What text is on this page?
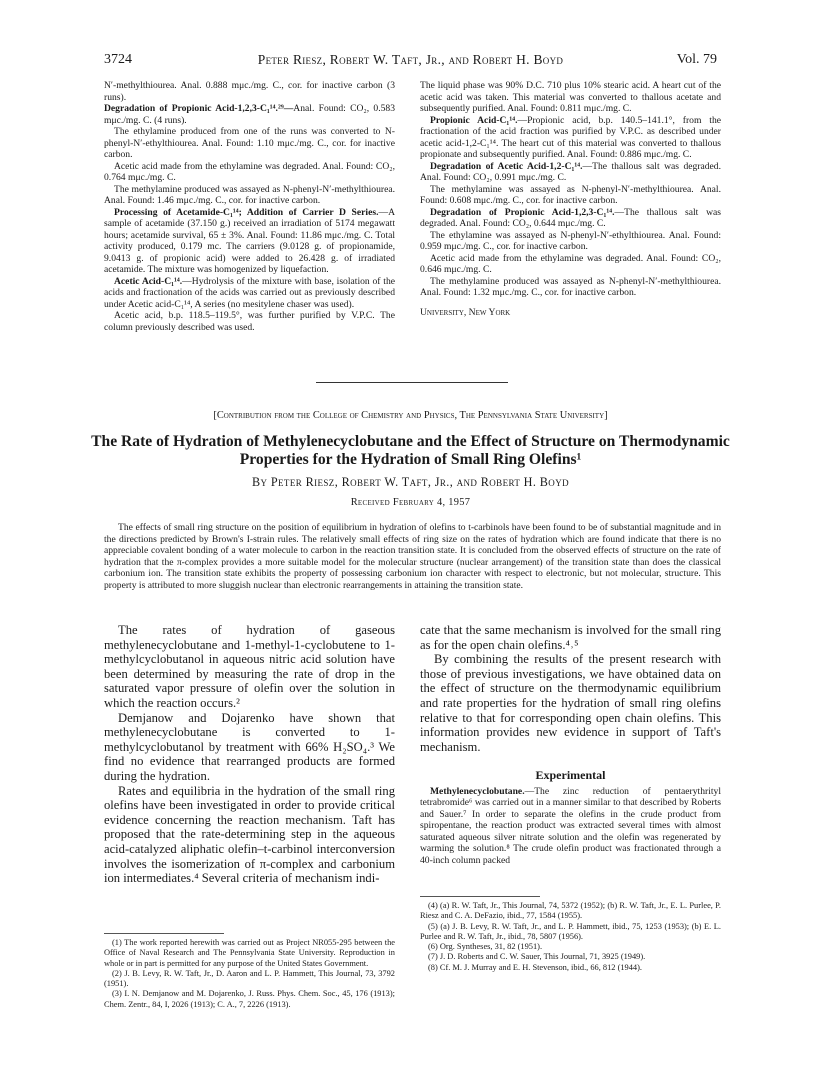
3724	Peter Riesz, Robert W. Taft, Jr., and Robert H. Boyd	Vol. 79

N′-methylthiourea. Anal. 0.888 mμc./mg. C., cor. for inactive carbon (3 runs).

Degradation of Propionic Acid-1,2,3-C₁¹⁴.²⁹—Anal. Found: CO₂, 0.583 mμc./mg. C. (4 runs).

The ethylamine produced from one of the runs was converted to N-phenyl-N′-ethylthiourea. Anal. Found: 1.10 mμc./mg. C., cor. for inactive carbon.

Acetic acid made from the ethylamine was degraded. Anal. Found: CO₂, 0.764 mμc./mg. C.

The methylamine produced was assayed as N-phenyl-N′-methylthiourea. Anal. Found: 1.46 mμc./mg. C., cor. for inactive carbon.

Processing of Acetamide-C₁¹⁴; Addition of Carrier D Series.—A sample of acetamide (37.150 g.) received an irradiation of 5174 megawatt hours; acetamide survival, 65 ± 3%. Anal. Found: 11.86 mμc./mg. C. Total activity produced, 0.179 mc. The carriers (9.0128 g. of propionamide, 9.0413 g. of propionic acid) were added to 26.428 g. of irradiated acetamide. The mixture was homogenized by liquefaction.

Acetic Acid-C₁¹⁴.—Hydrolysis of the mixture with base, isolation of the acids and fractionation of the acids was carried out as previously described under Acetic acid-C₁¹⁴, A series (no mesitylene chaser was used).

Acetic acid, b.p. 118.5–119.5°, was further purified by V.P.C. The column previously described was used.

The liquid phase was 90% D.C. 710 plus 10% stearic acid. A heart cut of the acetic acid was taken. This material was converted to thallous acetate and subsequently purified. Anal. Found: 0.811 mμc./mg. C.

Propionic Acid-C₁¹⁴.—Propionic acid, b.p. 140.5–141.1°, from the fractionation of the acid fraction was purified by V.P.C. as described under acetic acid-1,2-C₁¹⁴. The heart cut of this material was converted to thallous propionate and subsequently purified. Anal. Found: 0.886 mμc./mg. C.

Degradation of Acetic Acid-1,2-C₁¹⁴.—The thallous salt was degraded. Anal. Found: CO₂, 0.991 mμc./mg. C.

The methylamine was assayed as N-phenyl-N′-methylthiourea. Anal. Found: 0.608 mμc./mg. C., cor. for inactive carbon.

Degradation of Propionic Acid-1,2,3-C₁¹⁴.—The thallous salt was degraded. Anal. Found: CO₂, 0.644 mμc./mg. C.

The ethylamine was assayed as N-phenyl-N′-ethylthiourea. Anal. Found: 0.959 mμc./mg. C., cor. for inactive carbon.

Acetic acid made from the ethylamine was degraded. Anal. Found: CO₂, 0.646 mμc./mg. C.

The methylamine produced was assayed as N-phenyl-N′-methylthiourea. Anal. Found: 1.32 mμc./mg. C., cor. for inactive carbon.

University, New York

[Contribution from the College of Chemistry and Physics, The Pennsylvania State University]
The Rate of Hydration of Methylenecyclobutane and the Effect of Structure on Thermodynamic Properties for the Hydration of Small Ring Olefins¹
By Peter Riesz, Robert W. Taft, Jr., and Robert H. Boyd
Received February 4, 1957
The effects of small ring structure on the position of equilibrium in hydration of olefins to t-carbinols have been found to be of substantial magnitude and in the directions predicted by Brown's I-strain rules. The relatively small effects of ring size on the rates of hydration which are found indicate that there is no appreciable covalent bonding of a water molecule to carbon in the reaction transition state. It is concluded from the observed effects of structure on the rate of hydration that the π-complex provides a more suitable model for the molecular structure (nuclear arrangement) of the transition state than does the classical carbonium ion. The transition state exhibits the property of possessing carbonium ion character with respect to electronic, but not molecular, structure. This property is attributed to more sluggish nuclear than electronic rearrangements in attaining the transition state.

The rates of hydration of gaseous methylenecyclobutane and 1-methyl-1-cyclobutene to 1-methylcyclobutanol in aqueous nitric acid solution have been determined by measuring the rate of drop in the saturated vapor pressure of olefin over the solution in which the reaction occurs.²

Demjanow and Dojarenko have shown that methylenecyclobutane is converted to 1-methylcyclobutanol by treatment with 66% H₂SO₄.³ We find no evidence that rearranged products are formed during the hydration.

Rates and equilibria in the hydration of the small ring olefins have been investigated in order to provide critical evidence concerning the reaction mechanism. Taft has proposed that the rate-determining step in the aqueous acid-catalyzed aliphatic olefin–t-carbinol interconversion involves the isomerization of π-complex and carbonium ion intermediates.⁴ Several criteria of mechanism indi-

cate that the same mechanism is involved for the small ring as for the open chain olefins.⁴˒⁵

By combining the results of the present research with those of previous investigations, we have obtained data on the effect of structure on the thermodynamic equilibrium and rate properties for the hydration of small ring olefins relative to that for corresponding open chain olefins. This information provides new evidence in support of Taft's mechanism.

Experimental

Methylenecyclobutane.—The zinc reduction of pentaerythrityl tetrabromide⁶ was carried out in a manner similar to that described by Roberts and Sauer.⁷ In order to separate the olefins in the crude product from spiropentane, the reaction product was extracted several times with almost saturated aqueous silver nitrate solution and the olefin was regenerated by warming the solution.⁸ The crude olefin product was fractionated through a 40-inch column packed

(1) The work reported herewith was carried out as Project NR055-295 between the Office of Naval Research and The Pennsylvania State University. Reproduction in whole or in part is permitted for any purpose of the United States Government.

(2) J. B. Levy, R. W. Taft, Jr., D. Aaron and L. P. Hammett, This Journal, 73, 3792 (1951).

(3) I. N. Demjanow and M. Dojarenko, J. Russ. Phys. Chem. Soc., 45, 176 (1913); Chem. Zentr., 84, I, 2026 (1913); C. A., 7, 2226 (1913).

(4) (a) R. W. Taft, Jr., This Journal, 74, 5372 (1952); (b) R. W. Taft, Jr., E. L. Purlee, P. Riesz and C. A. DeFazio, ibid., 77, 1584 (1955).

(5) (a) J. B. Levy, R. W. Taft, Jr., and L. P. Hammett, ibid., 75, 1253 (1953); (b) E. L. Purlee and R. W. Taft, Jr., ibid., 78, 5807 (1956).

(6) Org. Syntheses, 31, 82 (1951).

(7) J. D. Roberts and C. W. Sauer, This Journal, 71, 3925 (1949).

(8) Cf. M. J. Murray and E. H. Stevenson, ibid., 66, 812 (1944).
